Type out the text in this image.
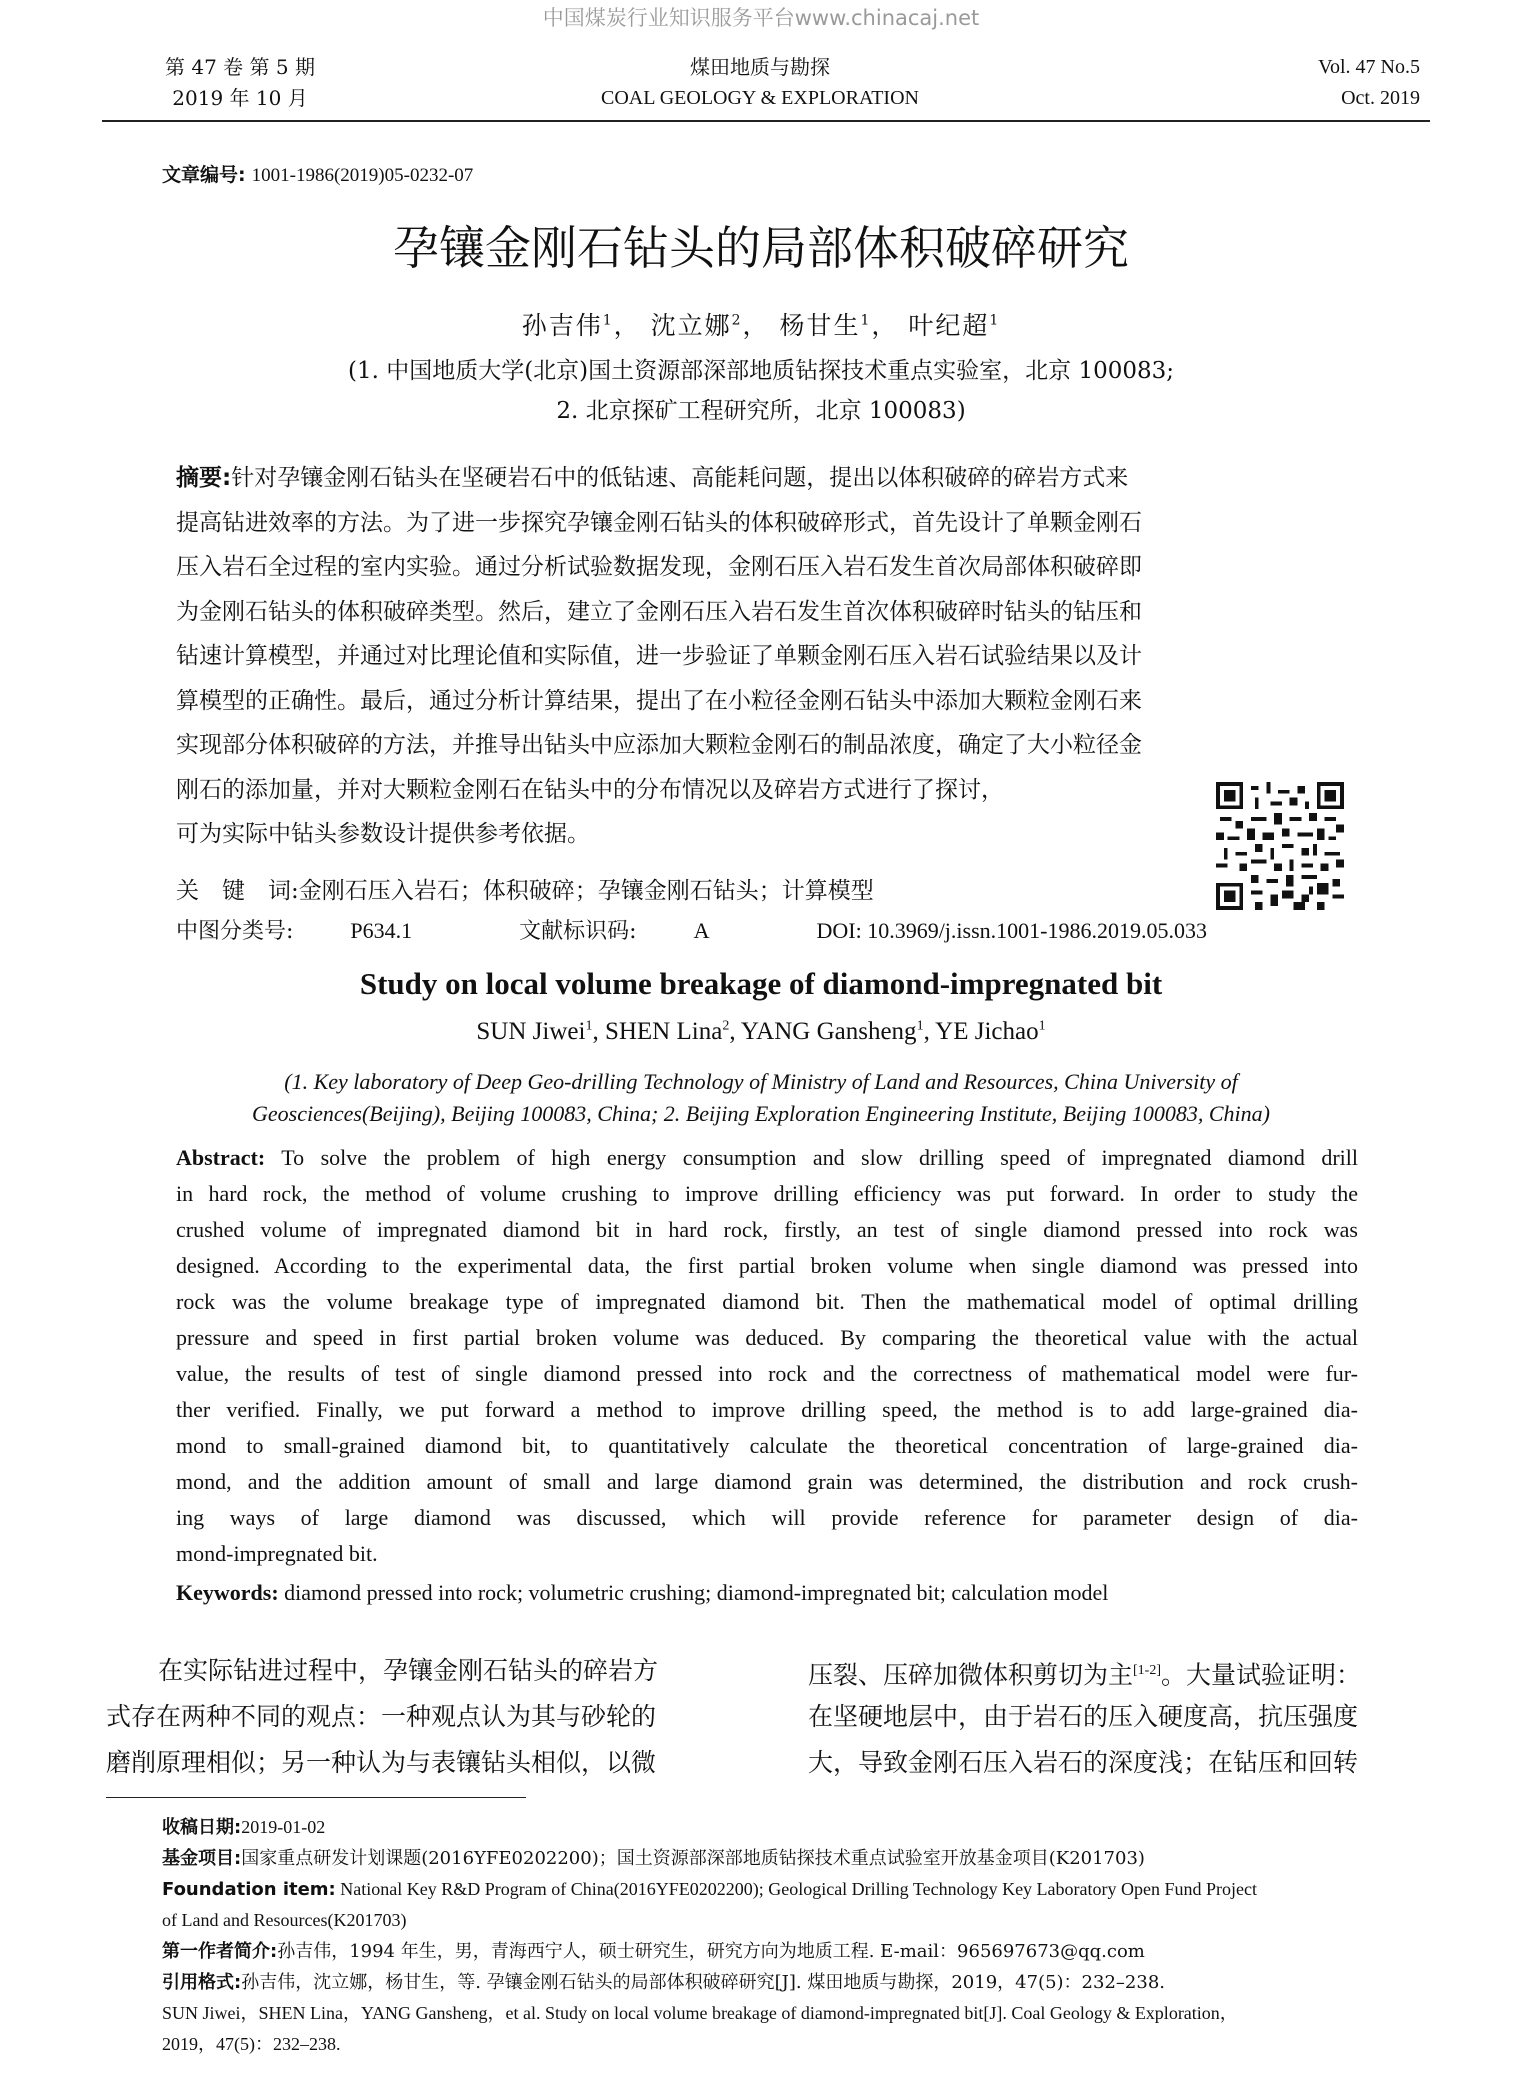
中国煤炭行业知识服务平台www.chinacaj.net
第 47 卷 第 5 期
2019 年 10 月
煤田地质与勘探
COAL GEOLOGY & EXPLORATION
Vol. 47 No.5
Oct. 2019
文章编号: 1001-1986(2019)05-0232-07
孕镶金刚石钻头的局部体积破碎研究
孙吉伟$^1$， 沈立娜$^2$， 杨甘生$^1$， 叶纪超$^1$
(1. 中国地质大学(北京)国土资源部深部地质钻探技术重点实验室，北京 100083;
2. 北京探矿工程研究所，北京 100083)
摘要:针对孕镶金刚石钻头在坚硬岩石中的低钻速、高能耗问题，提出以体积破碎的碎岩方式来
提高钻进效率的方法。为了进一步探究孕镶金刚石钻头的体积破碎形式，首先设计了单颗金刚石
压入岩石全过程的室内实验。通过分析试验数据发现，金刚石压入岩石发生首次局部体积破碎即
为金刚石钻头的体积破碎类型。然后，建立了金刚石压入岩石发生首次体积破碎时钻头的钻压和
钻速计算模型，并通过对比理论值和实际值，进一步验证了单颗金刚石压入岩石试验结果以及计
算模型的正确性。最后，通过分析计算结果，提出了在小粒径金刚石钻头中添加大颗粒金刚石来
实现部分体积破碎的方法，并推导出钻头中应添加大颗粒金刚石的制品浓度，确定了大小粒径金
刚石的添加量，并对大颗粒金刚石在钻头中的分布情况以及碎岩方式进行了探讨，
可为实际中钻头参数设计提供参考依据。
关　键　词:金刚石压入岩石；体积破碎；孕镶金刚石钻头；计算模型
中图分类号:	P634.1	文献标识码:	A	DOI: 10.3969/j.issn.1001-1986.2019.05.033
Study on local volume breakage of diamond-impregnated bit
SUN Jiwei$^1$, SHEN Lina$^2$, YANG Gansheng$^1$, YE Jichao$^1$
(1. Key laboratory of Deep Geo-drilling Technology of Ministry of Land and Resources, China University of
Geosciences(Beijing), Beijing 100083, China; 2. Beijing Exploration Engineering Institute, Beijing 100083, China)
Abstract: To solve the problem of high energy consumption and slow drilling speed of impregnated diamond drill
in hard rock, the method of volume crushing to improve drilling efficiency was put forward. In order to study the
crushed volume of impregnated diamond bit in hard rock, firstly, an test of single diamond pressed into rock was
designed. According to the experimental data, the first partial broken volume when single diamond was pressed into
rock was the volume breakage type of impregnated diamond bit. Then the mathematical model of optimal drilling
pressure and speed in first partial broken volume was deduced. By comparing the theoretical value with the actual
value, the results of test of single diamond pressed into rock and the correctness of mathematical model were fur-
ther verified. Finally, we put forward a method to improve drilling speed, the method is to add large-grained dia-
mond to small-grained diamond bit, to quantitatively calculate the theoretical concentration of large-grained dia-
mond, and the addition amount of small and large diamond grain was determined, the distribution and rock crush-
ing ways of large diamond was discussed, which will provide reference for parameter design of dia-
mond-impregnated bit.
Keywords: diamond pressed into rock; volumetric crushing; diamond-impregnated bit; calculation model
在实际钻进过程中，孕镶金刚石钻头的碎岩方
式存在两种不同的观点：一种观点认为其与砂轮的
磨削原理相似；另一种认为与表镶钻头相似，以微
压裂、压碎加微体积剪切为主[1-2]。大量试验证明：
在坚硬地层中，由于岩石的压入硬度高，抗压强度
大，导致金刚石压入岩石的深度浅；在钻压和回转
收稿日期:2019-01-02
基金项目:国家重点研发计划课题(2016YFE0202200)；国土资源部深部地质钻探技术重点试验室开放基金项目(K201703)
Foundation item: National Key R&D Program of China(2016YFE0202200); Geological Drilling Technology Key Laboratory Open Fund Project
of Land and Resources(K201703)
第一作者简介:孙吉伟，1994 年生，男，青海西宁人，硕士研究生，研究方向为地质工程. E-mail：965697673@qq.com
引用格式:孙吉伟，沈立娜，杨甘生，等. 孕镶金刚石钻头的局部体积破碎研究[J]. 煤田地质与勘探，2019，47(5)：232–238.
SUN Jiwei，SHEN Lina，YANG Gansheng，et al. Study on local volume breakage of diamond-impregnated bit[J]. Coal Geology & Exploration，
2019，47(5)：232–238.
